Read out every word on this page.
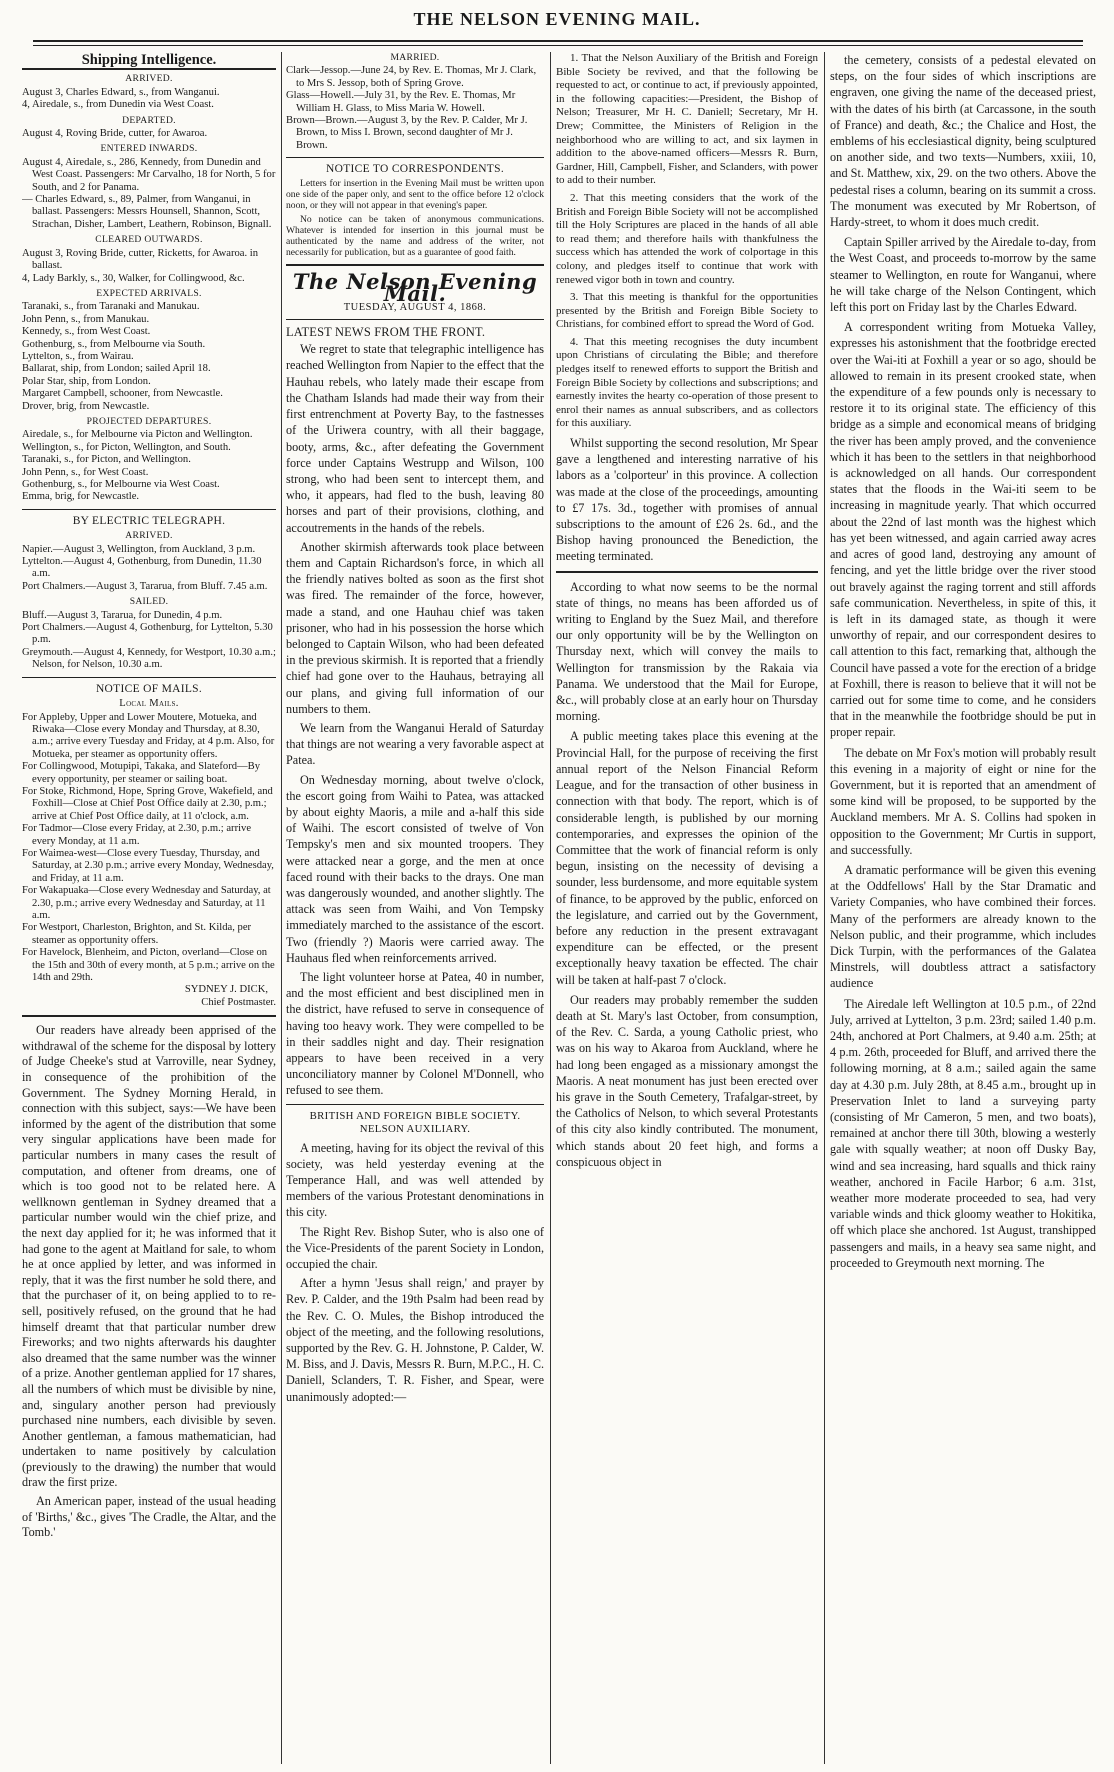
THE NELSON EVENING MAIL.
Shipping Intelligence.
ARRIVED.
August 3, Charles Edward, s., from Wanganui.
4, Airedale, s., from Dunedin via West Coast.
DEPARTED.
August 4, Roving Bride, cutter, for Awaroa.
ENTERED INWARDS.
August 4, Airedale, s., 286, Kennedy, from Dunedin and West Coast. Passengers: Mr Carvalho, 18 for North, 5 for South, and 2 for Panama.
— Charles Edward, s., 89, Palmer, from Wanganui, in ballast. Passengers: Messrs Hounsell, Shannon, Scott, Strachan, Disher, Lambert, Leathern, Robinson, Bignall.
CLEARED OUTWARDS.
August 3, Roving Bride, cutter, Ricketts, for Awaroa. in ballast.
4, Lady Barkly, s., 30, Walker, for Collingwood, &c.
EXPECTED ARRIVALS.
Taranaki, s., from Taranaki and Manukau.
John Penn, s., from Manukau.
Kennedy, s., from West Coast.
Gothenburg, s., from Melbourne via South.
Lyttelton, s., from Wairau.
Ballarat, ship, from London; sailed April 18.
Polar Star, ship, from London.
Margaret Campbell, schooner, from Newcastle.
Drover, brig, from Newcastle.
PROJECTED DEPARTURES.
Airedale, s., for Melbourne via Picton and Wellington.
Wellington, s., for Picton, Wellington, and South.
Taranaki, s., for Picton, and Wellington.
John Penn, s., for West Coast.
Gothenburg, s., for Melbourne via West Coast.
Emma, brig, for Newcastle.
BY ELECTRIC TELEGRAPH.
ARRIVED.
Napier.—August 3, Wellington, from Auckland, 3 p.m.
Lyttelton.—August 4, Gothenburg, from Dunedin, 11.30 a.m.
Port Chalmers.—August 3, Tararua, from Bluff. 7.45 a.m.
SAILED.
Bluff.—August 3, Tararua, for Dunedin, 4 p.m.
Port Chalmers.—August 4, Gothenburg, for Lyttelton, 5.30 p.m.
Greymouth.—August 4, Kennedy, for Westport, 10.30 a.m.; Nelson, for Nelson, 10.30 a.m.
NOTICE OF MAILS.
Local Mails.
For Appleby, Upper and Lower Moutere, Motueka, and Riwaka—Close every Monday and Thursday, at 8.30, a.m.; arrive every Tuesday and Friday, at 4 p.m. Also, for Motueka, per steamer as opportunity offers.
For Collingwood, Motupipi, Takaka, and Slateford—By every opportunity, per steamer or sailing boat.
For Stoke, Richmond, Hope, Spring Grove, Wakefield, and Foxhill—Close at Chief Post Office daily at 2.30, p.m.; arrive at Chief Post Office daily, at 11 o'clock, a.m.
For Tadmor—Close every Friday, at 2.30, p.m.; arrive every Monday, at 11 a.m.
For Waimea-west—Close every Tuesday, Thursday, and Saturday, at 2.30 p.m.; arrive every Monday, Wednesday, and Friday, at 11 a.m.
For Wakapuaka—Close every Wednesday and Saturday, at 2.30, p.m.; arrive every Wednesday and Saturday, at 11 a.m.
For Westport, Charleston, Brighton, and St. Kilda, per steamer as opportunity offers.
For Havelock, Blenheim, and Picton, overland—Close on the 15th and 30th of every month, at 5 p.m.; arrive on the 14th and 29th.
SYDNEY J. DICK,
Chief Postmaster.

Our readers have already been apprised of the withdrawal of the scheme for the disposal by lottery of Judge Cheeke's stud at Varroville, near Sydney, in consequence of the prohibition of the Government. The Sydney Morning Herald, in connection with this subject, says:—We have been informed by the agent of the distribution that some very singular applications have been made for particular numbers in many cases the result of computation, and oftener from dreams, one of which is too good not to be related here. A wellknown gentleman in Sydney dreamed that a particular number would win the chief prize, and the next day applied for it; he was informed that it had gone to the agent at Maitland for sale, to whom he at once applied by letter, and was informed in reply, that it was the first number he sold there, and that the purchaser of it, on being applied to to re-sell, positively refused, on the ground that he had himself dreamt that that particular number drew Fireworks; and two nights afterwards his daughter also dreamed that the same number was the winner of a prize. Another gentleman applied for 17 shares, all the numbers of which must be divisible by nine, and, singulary another person had previously purchased nine numbers, each divisible by seven. Another gentleman, a famous mathematician, had undertaken to name positively by calculation (previously to the drawing) the number that would draw the first prize.

An American paper, instead of the usual heading of 'Births,' &c., gives 'The Cradle, the Altar, and the Tomb.'

MARRIED.
Clark—Jessop.—June 24, by Rev. E. Thomas, Mr J. Clark, to Mrs S. Jessop, both of Spring Grove.
Glass—Howell.—July 31, by the Rev. E. Thomas, Mr William H. Glass, to Miss Maria W. Howell.
Brown—Brown.—August 3, by the Rev. P. Calder, Mr J. Brown, to Miss I. Brown, second daughter of Mr J. Brown.
NOTICE TO CORRESPONDENTS.

Letters for insertion in the Evening Mail must be written upon one side of the paper only, and sent to the office before 12 o'clock noon, or they will not appear in that evening's paper.

No notice can be taken of anonymous communications. Whatever is intended for insertion in this journal must be authenticated by the name and address of the writer, not necessarily for publication, but as a guarantee of good faith.

The Nelson Evening Mail.
TUESDAY, AUGUST 4, 1868.
LATEST NEWS FROM THE FRONT.

We regret to state that telegraphic intelligence has reached Wellington from Napier to the effect that the Hauhau rebels, who lately made their escape from the Chatham Islands had made their way from their first entrenchment at Poverty Bay, to the fastnesses of the Uriwera country, with all their baggage, booty, arms, &c., after defeating the Government force under Captains Westrupp and Wilson, 100 strong, who had been sent to intercept them, and who, it appears, had fled to the bush, leaving 80 horses and part of their provisions, clothing, and accoutrements in the hands of the rebels.

Another skirmish afterwards took place between them and Captain Richardson's force, in which all the friendly natives bolted as soon as the first shot was fired. The remainder of the force, however, made a stand, and one Hauhau chief was taken prisoner, who had in his possession the horse which belonged to Captain Wilson, who had been defeated in the previous skirmish. It is reported that a friendly chief had gone over to the Hauhaus, betraying all our plans, and giving full information of our numbers to them.

We learn from the Wanganui Herald of Saturday that things are not wearing a very favorable aspect at Patea.

On Wednesday morning, about twelve o'clock, the escort going from Waihi to Patea, was attacked by about eighty Maoris, a mile and a-half this side of Waihi. The escort consisted of twelve of Von Tempsky's men and six mounted troopers. They were attacked near a gorge, and the men at once faced round with their backs to the drays. One man was dangerously wounded, and another slightly. The attack was seen from Waihi, and Von Tempsky immediately marched to the assistance of the escort. Two (friendly ?) Maoris were carried away. The Hauhaus fled when reinforcements arrived.

The light volunteer horse at Patea, 40 in number, and the most efficient and best disciplined men in the district, have refused to serve in consequence of having too heavy work. They were compelled to be in their saddles night and day. Their resignation appears to have been received in a very unconciliatory manner by Colonel M'Donnell, who refused to see them.

BRITISH AND FOREIGN BIBLE SOCIETY.
NELSON AUXILIARY.

A meeting, having for its object the revival of this society, was held yesterday evening at the Temperance Hall, and was well attended by members of the various Protestant denominations in this city.

The Right Rev. Bishop Suter, who is also one of the Vice-Presidents of the parent Society in London, occupied the chair.

After a hymn 'Jesus shall reign,' and prayer by Rev. P. Calder, and the 19th Psalm had been read by the Rev. C. O. Mules, the Bishop introduced the object of the meeting, and the following resolutions, supported by the Rev. G. H. Johnstone, P. Calder, W. M. Biss, and J. Davis, Messrs R. Burn, M.P.C., H. C. Daniell, Sclanders, T. R. Fisher, and Spear, were unanimously adopted:—

1. That the Nelson Auxiliary of the British and Foreign Bible Society be revived, and that the following be requested to act, or continue to act, if previously appointed, in the following capacities:—President, the Bishop of Nelson; Treasurer, Mr H. C. Daniell; Secretary, Mr H. Drew; Committee, the Ministers of Religion in the neighborhood who are willing to act, and six laymen in addition to the above-named officers—Messrs R. Burn, Gardner, Hill, Campbell, Fisher, and Sclanders, with power to add to their number.

2. That this meeting considers that the work of the British and Foreign Bible Society will not be accomplished till the Holy Scriptures are placed in the hands of all able to read them; and therefore hails with thankfulness the success which has attended the work of colportage in this colony, and pledges itself to continue that work with renewed vigor both in town and country.

3. That this meeting is thankful for the opportunities presented by the British and Foreign Bible Society to Christians, for combined effort to spread the Word of God.

4. That this meeting recognises the duty incumbent upon Christians of circulating the Bible; and therefore pledges itself to renewed efforts to support the British and Foreign Bible Society by collections and subscriptions; and earnestly invites the hearty co-operation of those present to enrol their names as annual subscribers, and as collectors for this auxiliary.

Whilst supporting the second resolution, Mr Spear gave a lengthened and interesting narrative of his labors as a 'colporteur' in this province. A collection was made at the close of the proceedings, amounting to £7 17s. 3d., together with promises of annual subscriptions to the amount of £26 2s. 6d., and the Bishop having pronounced the Benediction, the meeting terminated.

According to what now seems to be the normal state of things, no means has been afforded us of writing to England by the Suez Mail, and therefore our only opportunity will be by the Wellington on Thursday next, which will convey the mails to Wellington for transmission by the Rakaia via Panama. We understood that the Mail for Europe, &c., will probably close at an early hour on Thursday morning.

A public meeting takes place this evening at the Provincial Hall, for the purpose of receiving the first annual report of the Nelson Financial Reform League, and for the transaction of other business in connection with that body. The report, which is of considerable length, is published by our morning contemporaries, and expresses the opinion of the Committee that the work of financial reform is only begun, insisting on the necessity of devising a sounder, less burdensome, and more equitable system of finance, to be approved by the public, enforced on the legislature, and carried out by the Government, before any reduction in the present extravagant expenditure can be effected, or the present exceptionally heavy taxation be effected. The chair will be taken at half-past 7 o'clock.

Our readers may probably remember the sudden death at St. Mary's last October, from consumption, of the Rev. C. Sarda, a young Catholic priest, who was on his way to Akaroa from Auckland, where he had long been engaged as a missionary amongst the Maoris. A neat monument has just been erected over his grave in the South Cemetery, Trafalgar-street, by the Catholics of Nelson, to which several Protestants of this city also kindly contributed. The monument, which stands about 20 feet high, and forms a conspicuous object in

the cemetery, consists of a pedestal elevated on steps, on the four sides of which inscriptions are engraven, one giving the name of the deceased priest, with the dates of his birth (at Carcassone, in the south of France) and death, &c.; the Chalice and Host, the emblems of his ecclesiastical dignity, being sculptured on another side, and two texts—Numbers, xxiii, 10, and St. Matthew, xix, 29. on the two others. Above the pedestal rises a column, bearing on its summit a cross. The monument was executed by Mr Robertson, of Hardy-street, to whom it does much credit.

Captain Spiller arrived by the Airedale to-day, from the West Coast, and proceeds to-morrow by the same steamer to Wellington, en route for Wanganui, where he will take charge of the Nelson Contingent, which left this port on Friday last by the Charles Edward.

A correspondent writing from Motueka Valley, expresses his astonishment that the footbridge erected over the Wai-iti at Foxhill a year or so ago, should be allowed to remain in its present crooked state, when the expenditure of a few pounds only is necessary to restore it to its original state. The efficiency of this bridge as a simple and economical means of bridging the river has been amply proved, and the convenience which it has been to the settlers in that neighborhood is acknowledged on all hands. Our correspondent states that the floods in the Wai-iti seem to be increasing in magnitude yearly. That which occurred about the 22nd of last month was the highest which has yet been witnessed, and again carried away acres and acres of good land, destroying any amount of fencing, and yet the little bridge over the river stood out bravely against the raging torrent and still affords safe communication. Nevertheless, in spite of this, it is left in its damaged state, as though it were unworthy of repair, and our correspondent desires to call attention to this fact, remarking that, although the Council have passed a vote for the erection of a bridge at Foxhill, there is reason to believe that it will not be carried out for some time to come, and he considers that in the meanwhile the footbridge should be put in proper repair.

The debate on Mr Fox's motion will probably result this evening in a majority of eight or nine for the Government, but it is reported that an amendment of some kind will be proposed, to be supported by the Auckland members. Mr A. S. Collins had spoken in opposition to the Government; Mr Curtis in support, and successfully.

A dramatic performance will be given this evening at the Oddfellows' Hall by the Star Dramatic and Variety Companies, who have combined their forces. Many of the performers are already known to the Nelson public, and their programme, which includes Dick Turpin, with the performances of the Galatea Minstrels, will doubtless attract a satisfactory audience

The Airedale left Wellington at 10.5 p.m., of 22nd July, arrived at Lyttelton, 3 p.m. 23rd; sailed 1.40 p.m. 24th, anchored at Port Chalmers, at 9.40 a.m. 25th; at 4 p.m. 26th, proceeded for Bluff, and arrived there the following morning, at 8 a.m.; sailed again the same day at 4.30 p.m. July 28th, at 8.45 a.m., brought up in Preservation Inlet to land a surveying party (consisting of Mr Cameron, 5 men, and two boats), remained at anchor there till 30th, blowing a westerly gale with squally weather; at noon off Dusky Bay, wind and sea increasing, hard squalls and thick rainy weather, anchored in Facile Harbor; 6 a.m. 31st, weather more moderate proceeded to sea, had very variable winds and thick gloomy weather to Hokitika, off which place she anchored. 1st August, transhipped passengers and mails, in a heavy sea same night, and proceeded to Greymouth next morning. The
